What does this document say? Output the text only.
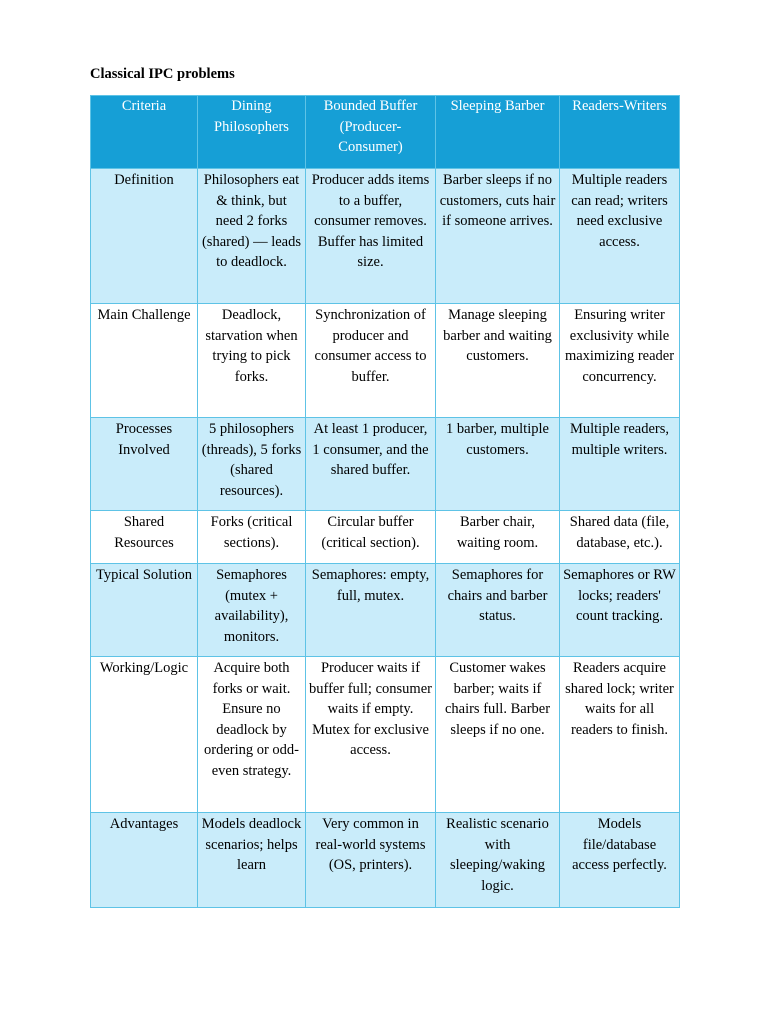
Classical IPC problems
Criteria	Dining Philosophers	Bounded Buffer (Producer-Consumer)	Sleeping Barber	Readers-Writers
Definition	Philosophers eat & think, but need 2 forks (shared) — leads to deadlock.	Producer adds items to a buffer, consumer removes. Buffer has limited size.	Barber sleeps if no customers, cuts hair if someone arrives.	Multiple readers can read; writers need exclusive access.
Main Challenge	Deadlock, starvation when trying to pick forks.	Synchronization of producer and consumer access to buffer.	Manage sleeping barber and waiting customers.	Ensuring writer exclusivity while maximizing reader concurrency.
Processes Involved	5 philosophers (threads), 5 forks (shared resources).	At least 1 producer, 1 consumer, and the shared buffer.	1 barber, multiple customers.	Multiple readers, multiple writers.
Shared Resources	Forks (critical sections).	Circular buffer (critical section).	Barber chair, waiting room.	Shared data (file, database, etc.).
Typical Solution	Semaphores (mutex + availability), monitors.	Semaphores: empty, full, mutex.	Semaphores for chairs and barber status.	Semaphores or RW locks; readers' count tracking.
Working/Logic	Acquire both forks or wait. Ensure no deadlock by ordering or odd-even strategy.	Producer waits if buffer full; consumer waits if empty. Mutex for exclusive access.	Customer wakes barber; waits if chairs full. Barber sleeps if no one.	Readers acquire shared lock; writer waits for all readers to finish.
Advantages	Models deadlock scenarios; helps learn	Very common in real-world systems (OS, printers).	Realistic scenario with sleeping/waking logic.	Models file/database access perfectly.
